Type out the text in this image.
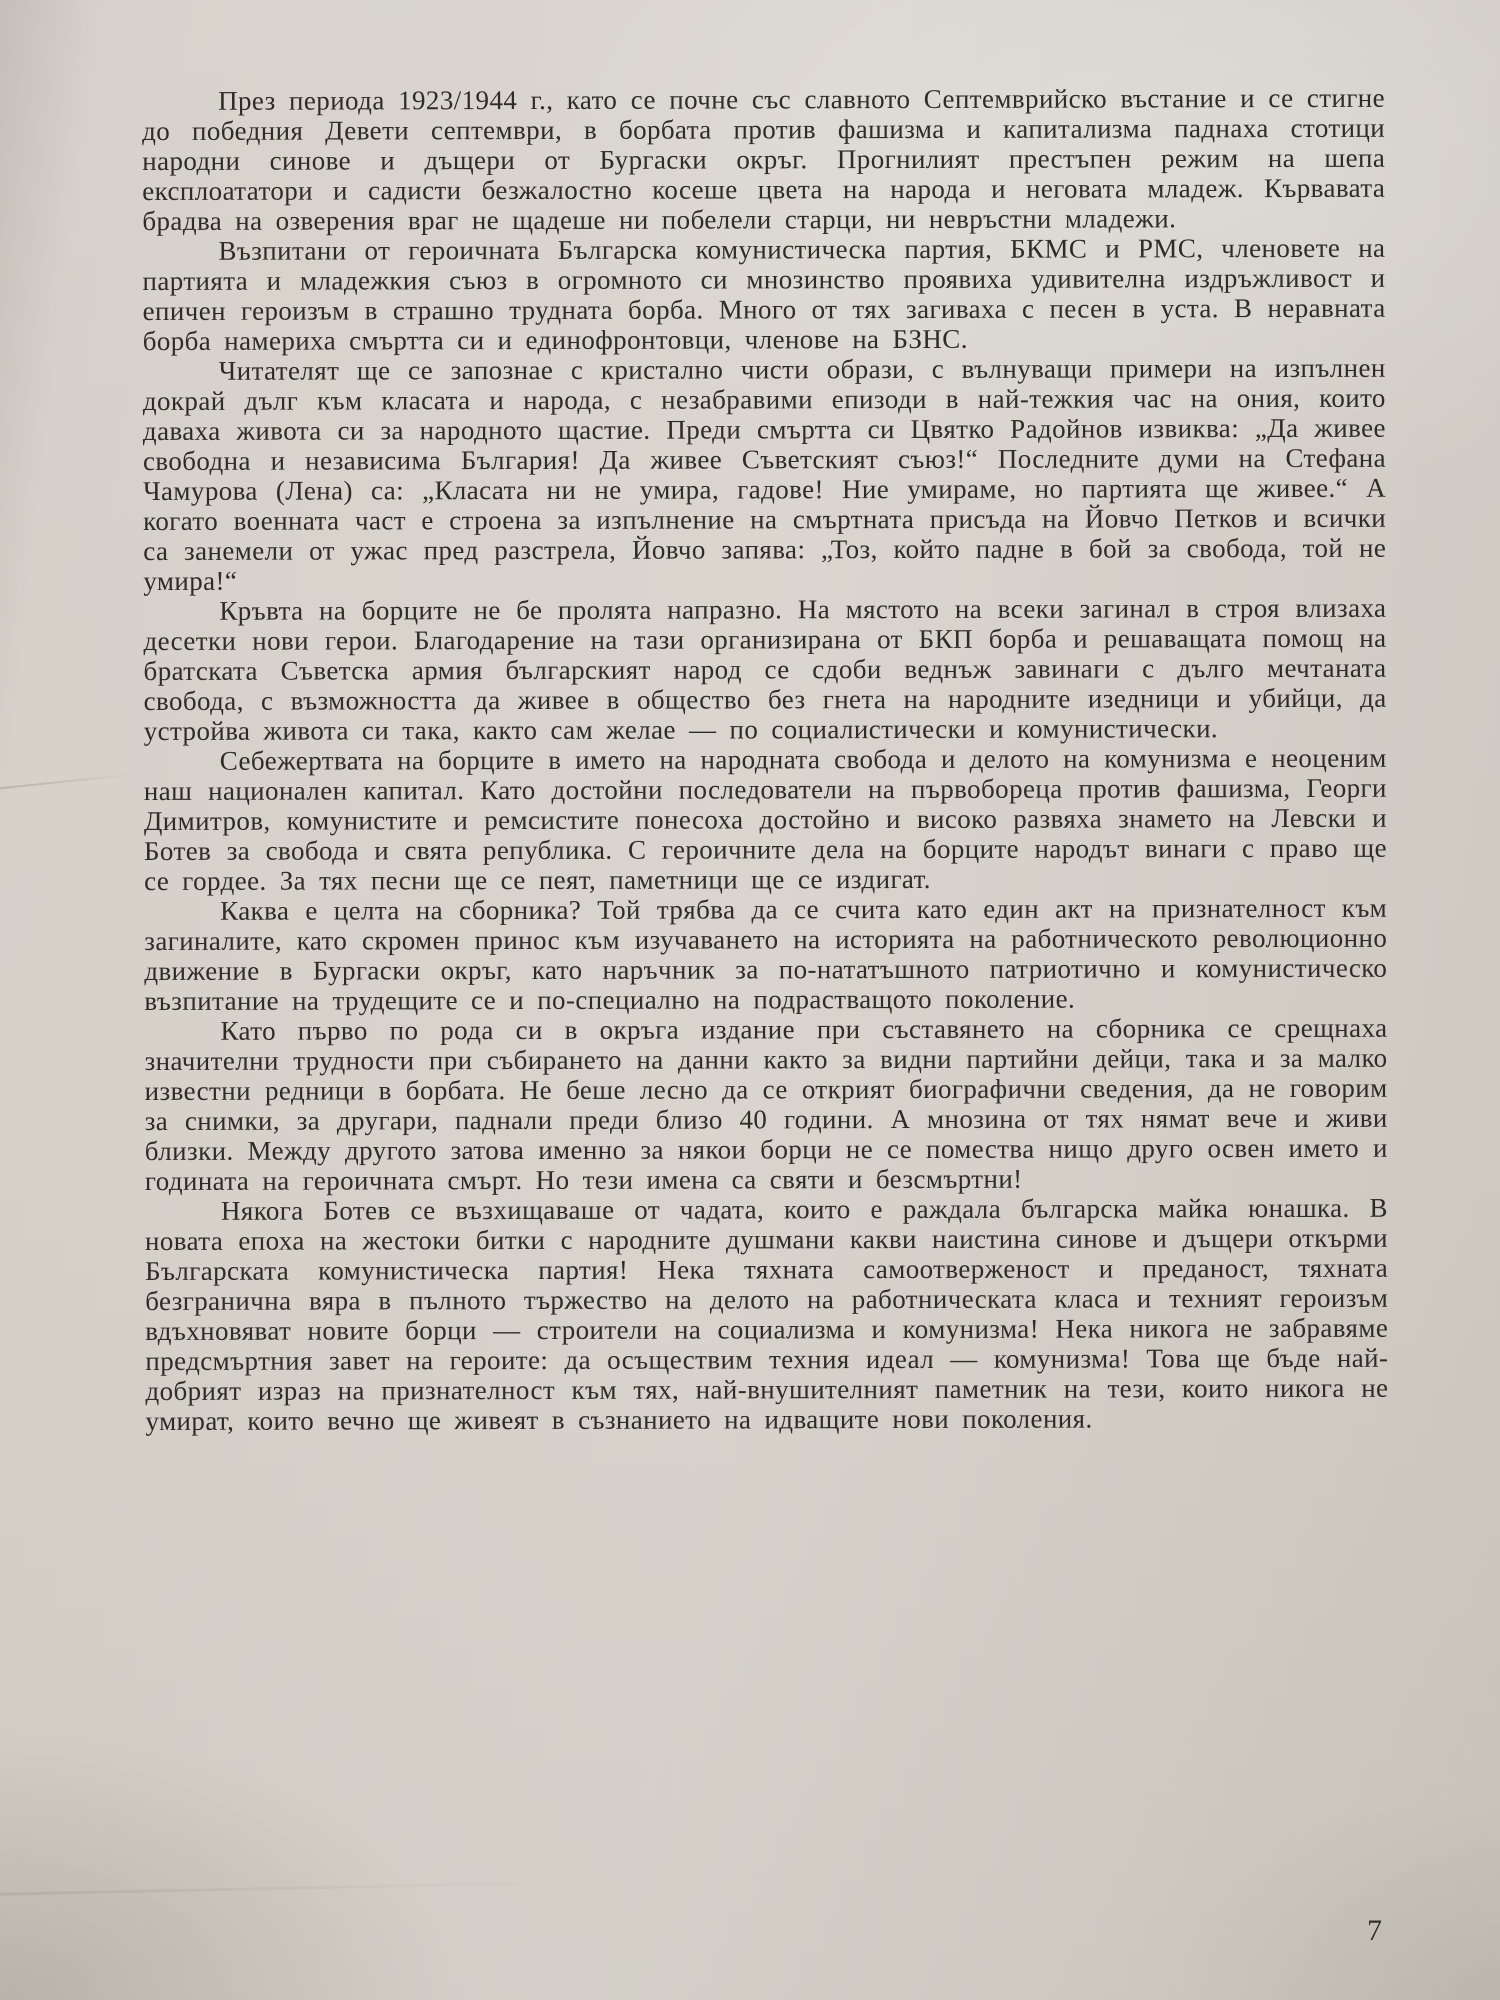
През периода 1923/1944 г., като се почне със славното Септемврийско въстание и се стигне до победния Девети септември, в борбата против фашизма и капитализма паднаха стотици народни синове и дъщери от Бургаски окръг. Прогнилият престъпен режим на шепа експлоататори и садисти безжалостно косеше цвета на народа и неговата младеж. Кървавата брадва на озверения враг не щадеше ни побелели старци, ни невръстни младежи.

Възпитани от героичната Българска комунистическа партия, БКМС и РМС, членовете на партията и младежкия съюз в огромното си мнозинство проявиха удивителна издръжливост и епичен героизъм в страшно трудната борба. Много от тях загиваха с песен в уста. В неравната борба намериха смъртта си и единофронтовци, членове на БЗНС.

Читателят ще се запознае с кристално чисти образи, с вълнуващи примери на изпълнен докрай дълг към класата и народа, с незабравими епизоди в най-тежкия час на ония, които даваха живота си за народното щастие. Преди смъртта си Цвятко Радойнов извиква: „Да живее свободна и независима България! Да живее Съветският съюз!“ Последните думи на Стефана Чамурова (Лена) са: „Класата ни не умира, гадове! Ние умираме, но партията ще живее.“ А когато военната част е строена за изпълнение на смъртната присъда на Йовчо Петков и всички са занемели от ужас пред разстрела, Йовчо запява: „Тоз, който падне в бой за свобода, той не умира!“

Кръвта на борците не бе пролята напразно. На мястото на всеки загинал в строя влизаха десетки нови герои. Благодарение на тази организирана от БКП борба и решаващата помощ на братската Съветска армия българският народ се сдоби веднъж завинаги с дълго мечтаната свобода, с възможността да живее в общество без гнета на народните изедници и убийци, да устройва живота си така, както сам желае — по социалистически и комунистически.

Себежертвата на борците в името на народната свобода и делото на комунизма е неоценим наш национален капитал. Като достойни последователи на първобореца против фашизма, Георги Димитров, комунистите и ремсистите понесоха достойно и високо развяха знамето на Левски и Ботев за свобода и свята република. С героичните дела на борците народът винаги с право ще се гордее. За тях песни ще се пеят, паметници ще се издигат.

Каква е целта на сборника? Той трябва да се счита като един акт на признателност към загиналите, като скромен принос към изучаването на историята на работническото революционно движение в Бургаски окръг, като наръчник за по-нататъшното патриотично и комунистическо възпитание на трудещите се и по-специално на подрастващото поколение.

Като първо по рода си в окръга издание при съставянето на сборника се срещнаха значителни трудности при събирането на данни както за видни партийни дейци, така и за малко известни редници в борбата. Не беше лесно да се открият биографични сведения, да не говорим за снимки, за другари, паднали преди близо 40 години. А мнозина от тях нямат вече и живи близки. Между другото затова именно за някои борци не се помества нищо друго освен името и годината на героичната смърт. Но тези имена са святи и безсмъртни!

Някога Ботев се възхищаваше от чадата, които е раждала българска майка юнашка. В новата епоха на жестоки битки с народните душмани какви наистина синове и дъщери откърми Българската комунистическа партия! Нека тяхната самоотверженост и преданост, тяхната безгранична вяра в пълното тържество на делото на работническата класа и техният героизъм вдъхновяват новите борци — строители на социализма и комунизма! Нека никога не забравяме предсмъртния завет на героите: да осъществим техния идеал — комунизма! Това ще бъде най-добрият израз на признателност към тях, най-внушителният паметник на тези, които никога не умират, които вечно ще живеят в съзнанието на идващите нови поколения.

7
